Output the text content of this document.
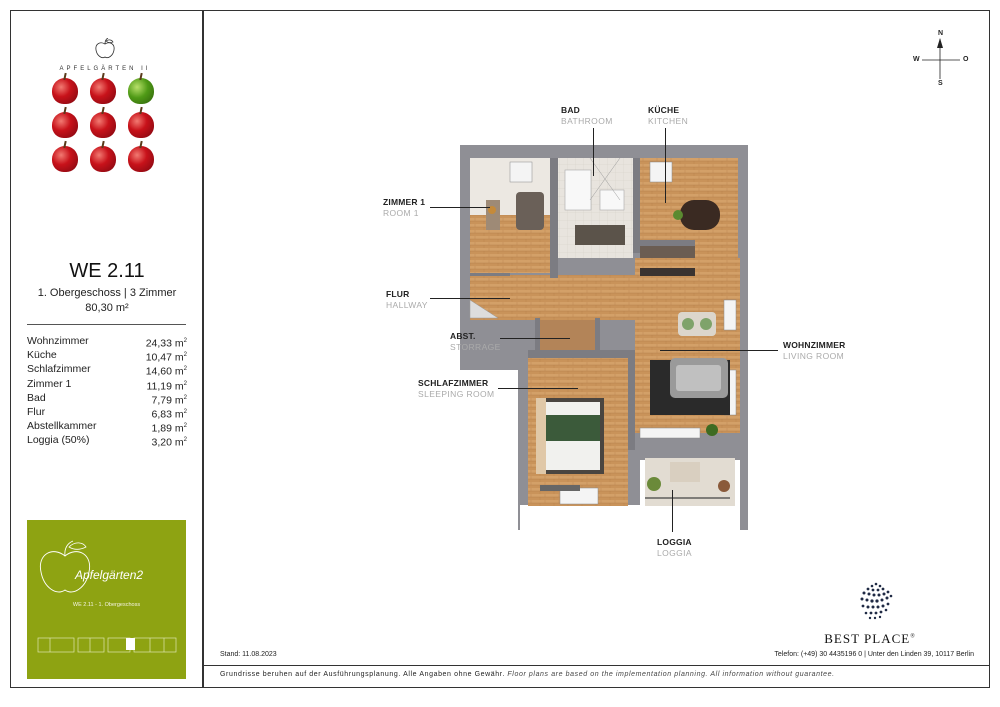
APFELGÄRTEN II
WE 2.11
1. Obergeschoss | 3 Zimmer
80,30 m²
Wohnzimmer	24,33 $m^2$
Küche	10,47 $m^2$
Schlafzimmer	14,60 $m^2$
Zimmer 1	11,19 $m^2$
Bad	7,79 $m^2$
Flur	6,83 $m^2$
Abstellkammer	1,89 $m^2$
Loggia (50%)	3,20 $m^2$
Apfelgärten2
WE 2.11 - 1. Obergeschoss
N
S
W	O
BAD
BATHROOM
KÜCHE
KITCHEN
ZIMMER 1
ROOM 1
FLUR
HALLWAY
ABST.
STORRAGE	WOHNZIMMER
LIVING ROOM
SCHLAFZIMMER
SLEEPING ROOM
LOGGIA
LOGGIA
BEST PLACE®
Stand: 11.08.2023	Telefon: (+49) 30 4435196 0 | Unter den Linden 39, 10117 Berlin
Grundrisse beruhen auf der Ausführungsplanung. Alle Angaben ohne Gewähr. Floor plans are based on the implementation planning. All information without guarantee.
